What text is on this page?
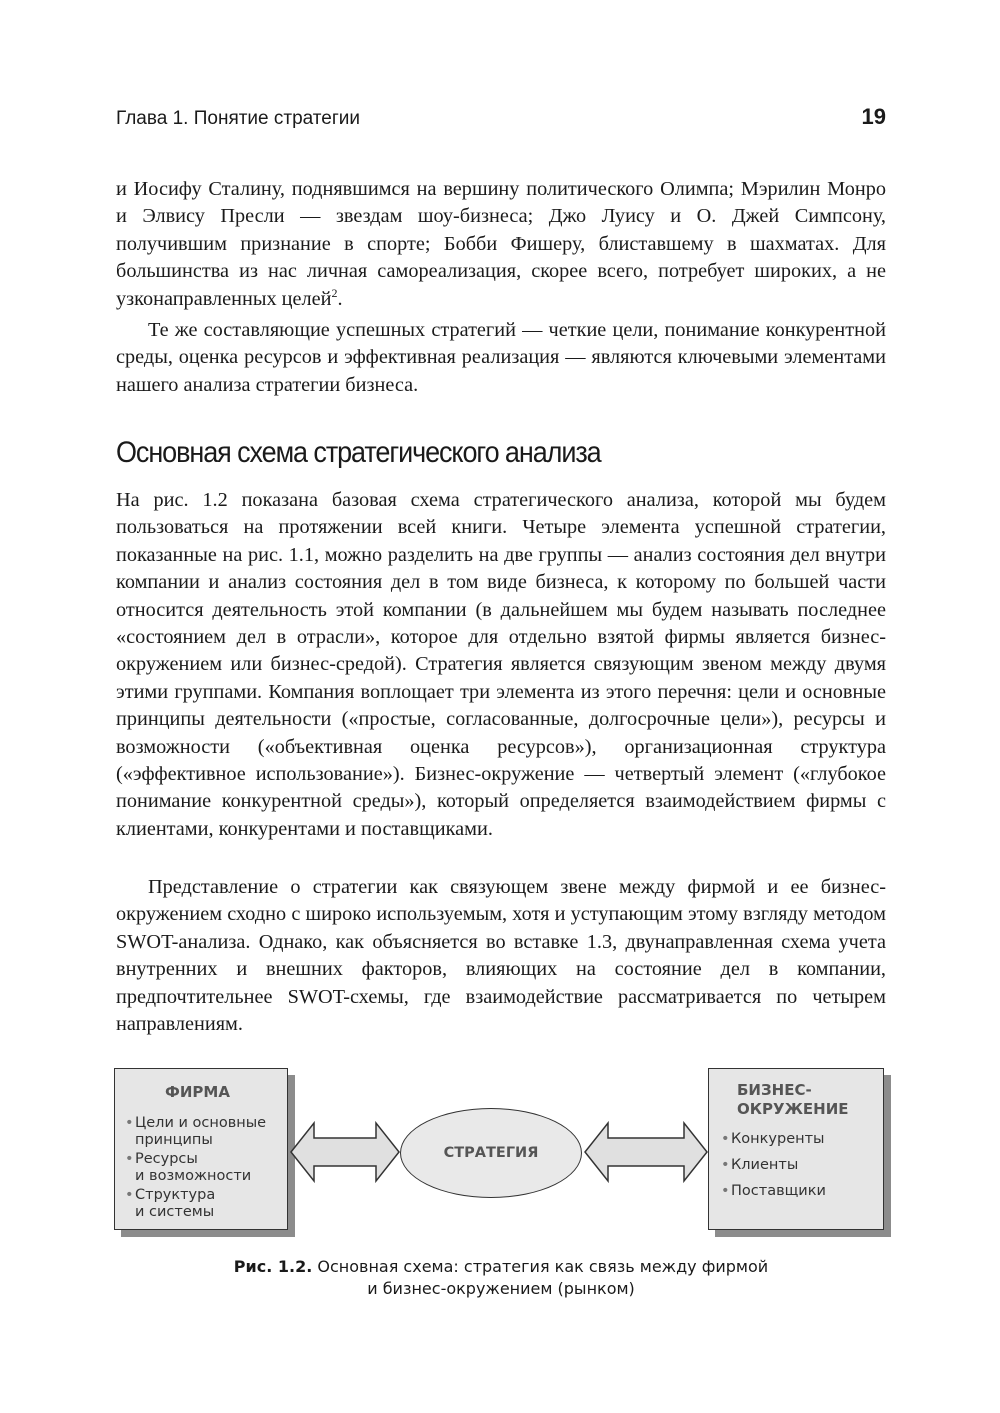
Глава 1. Понятие стратегии	19

и Иосифу Сталину, поднявшимся на вершину политического Олимпа; Мэрилин Монро и Элвису Пресли — звездам шоу-бизнеса; Джо Луису и О. Джей Симпсону, получившим признание в спорте; Бобби Фишеру, блиставшему в шахматах. Для большинства из нас личная самореализация, скорее всего, потребует широких, а не узконаправленных целей$^2$.

Те же составляющие успешных стратегий — четкие цели, понимание конкурентной среды, оценка ресурсов и эффективная реализация — являются ключевыми элементами нашего анализа стратегии бизнеса.

Основная схема стратегического анализа

На рис. 1.2 показана базовая схема стратегического анализа, которой мы будем пользоваться на протяжении всей книги. Четыре элемента успешной стратегии, показанные на рис. 1.1, можно разделить на две группы — анализ состояния дел внутри компании и анализ состояния дел в том виде бизнеса, к которому по большей части относится деятельность этой компании (в дальнейшем мы будем называть последнее «состоянием дел в отрасли», которое для отдельно взятой фирмы является бизнес-окружением или бизнес-средой). Стратегия является связующим звеном между двумя этими группами. Компания воплощает три элемента из этого перечня: цели и основные принципы деятельности («простые, согласованные, долгосрочные цели»), ресурсы и возможности («объективная оценка ресурсов»), организационная структура («эффективное использование»). Бизнес-окружение — четвертый элемент («глубокое понимание конкурентной среды»), который определяется взаимодействием фирмы с клиентами, конкурентами и поставщиками.

Представление о стратегии как связующем звене между фирмой и ее бизнес-окружением сходно с широко используемым, хотя и уступающим этому взгляду методом SWOT-анализа. Однако, как объясняется во вставке 1.3, двунаправленная схема учета внутренних и внешних факторов, влияющих на состояние дел в компании, предпочтительнее SWOT-схемы, где взаимодействие рассматривается по четырем направлениям.

ФИРМА
• Цели и основные
принципы
• Ресурсы
и возможности
• Структура
и системы
СТРАТЕГИЯ
БИЗНЕС-
ОКРУЖЕНИЕ
• Конкуренты
• Клиенты
• Поставщики
Рис. 1.2. Основная схема: стратегия как связь между фирмой
и бизнес-окружением (рынком)
